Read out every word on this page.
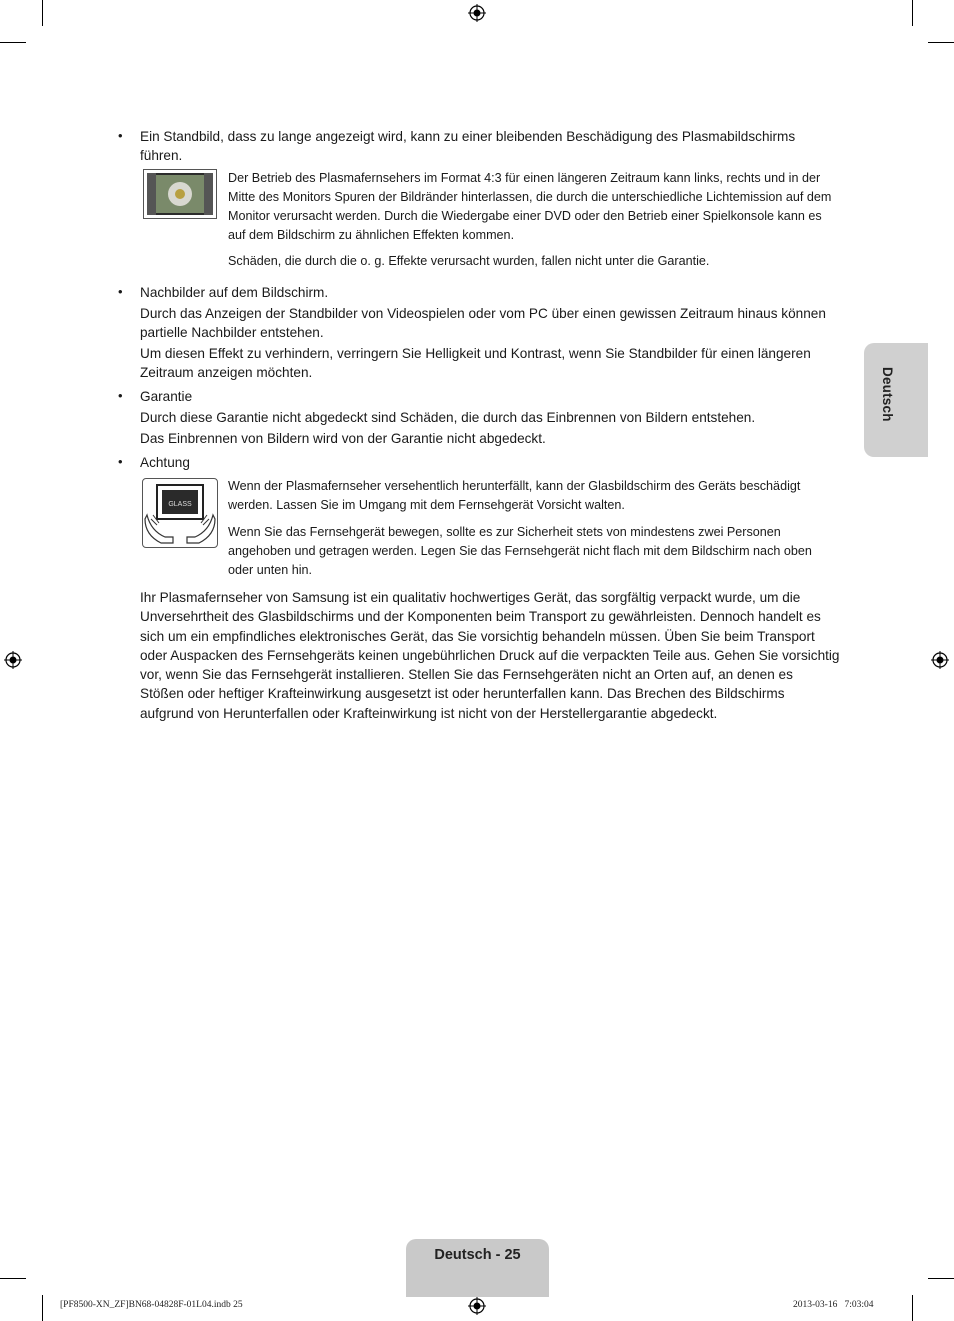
• Ein Standbild, dass zu lange angezeigt wird, kann zu einer bleibenden Beschädigung des Plasmabildschirms führen.
Der Betrieb des Plasmafernsehers im Format 4:3 für einen längeren Zeitraum kann links, rechts und in der Mitte des Monitors Spuren der Bildränder hinterlassen, die durch die unterschiedliche Lichtemission auf dem Monitor verursacht werden. Durch die Wiedergabe einer DVD oder den Betrieb einer Spielkonsole kann es auf dem Bildschirm zu ähnlichen Effekten kommen.
Schäden, die durch die o. g. Effekte verursacht wurden, fallen nicht unter die Garantie.
• Nachbilder auf dem Bildschirm.
Durch das Anzeigen der Standbilder von Videospielen oder vom PC über einen gewissen Zeitraum hinaus können partielle Nachbilder entstehen.
Um diesen Effekt zu verhindern, verringern Sie Helligkeit und Kontrast, wenn Sie Standbilder für einen längeren Zeitraum anzeigen möchten.
• Garantie
Durch diese Garantie nicht abgedeckt sind Schäden, die durch das Einbrennen von Bildern entstehen.
Das Einbrennen von Bildern wird von der Garantie nicht abgedeckt.
• Achtung
GLASS
Wenn der Plasmafernseher versehentlich herunterfällt, kann der Glasbildschirm des Geräts beschädigt werden. Lassen Sie im Umgang mit dem Fernsehgerät Vorsicht walten.
Wenn Sie das Fernsehgerät bewegen, sollte es zur Sicherheit stets von mindestens zwei Personen angehoben und getragen werden. Legen Sie das Fernsehgerät nicht flach mit dem Bildschirm nach oben oder unten hin.
Ihr Plasmafernseher von Samsung ist ein qualitativ hochwertiges Gerät, das sorgfältig verpackt wurde, um die Unversehrtheit des Glasbildschirms und der Komponenten beim Transport zu gewährleisten. Dennoch handelt es sich um ein empfindliches elektronisches Gerät, das Sie vorsichtig behandeln müssen. Üben Sie beim Transport oder Auspacken des Fernsehgeräts keinen ungebührlichen Druck auf die verpackten Teile aus. Gehen Sie vorsichtig vor, wenn Sie das Fernsehgerät installieren. Stellen Sie das Fernsehgeräten nicht an Orten auf, an denen es Stößen oder heftiger Krafteinwirkung ausgesetzt ist oder herunterfallen kann. Das Brechen des Bildschirms aufgrund von Herunterfallen oder Krafteinwirkung ist nicht von der Herstellergarantie abgedeckt.
Deutsch
Deutsch - 25
[PF8500-XN_ZF]BN68-04828F-01L04.indb 25	2013-03-16   7:03:04
